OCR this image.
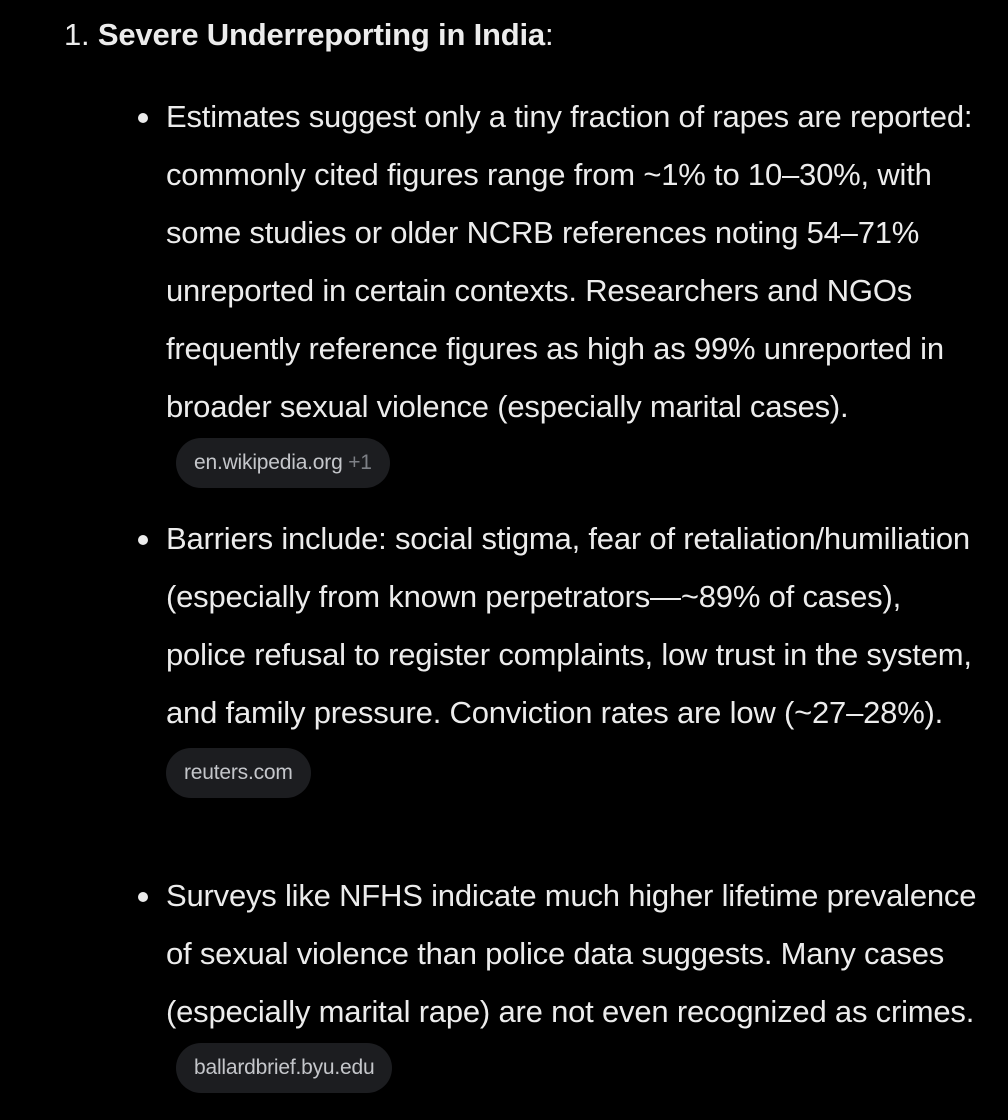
1. Severe Underreporting in India:
Estimates suggest only a tiny fraction of rapes are reported: commonly cited figures range from ~1% to 10–30%, with some studies or older NCRB references noting 54–71% unreported in certain contexts. Researchers and NGOs frequently reference figures as high as 99% unreported in broader sexual violence (especially marital cases). en.wikipedia.org +1
Barriers include: social stigma, fear of retaliation/humiliation (especially from known perpetrators—~89% of cases), police refusal to register complaints, low trust in the system, and family pressure. Conviction rates are low (~27–28%).
reuters.com
Surveys like NFHS indicate much higher lifetime prevalence of sexual violence than police data suggests. Many cases (especially marital rape) are not even recognized as crimes. ballardbrief.byu.edu
